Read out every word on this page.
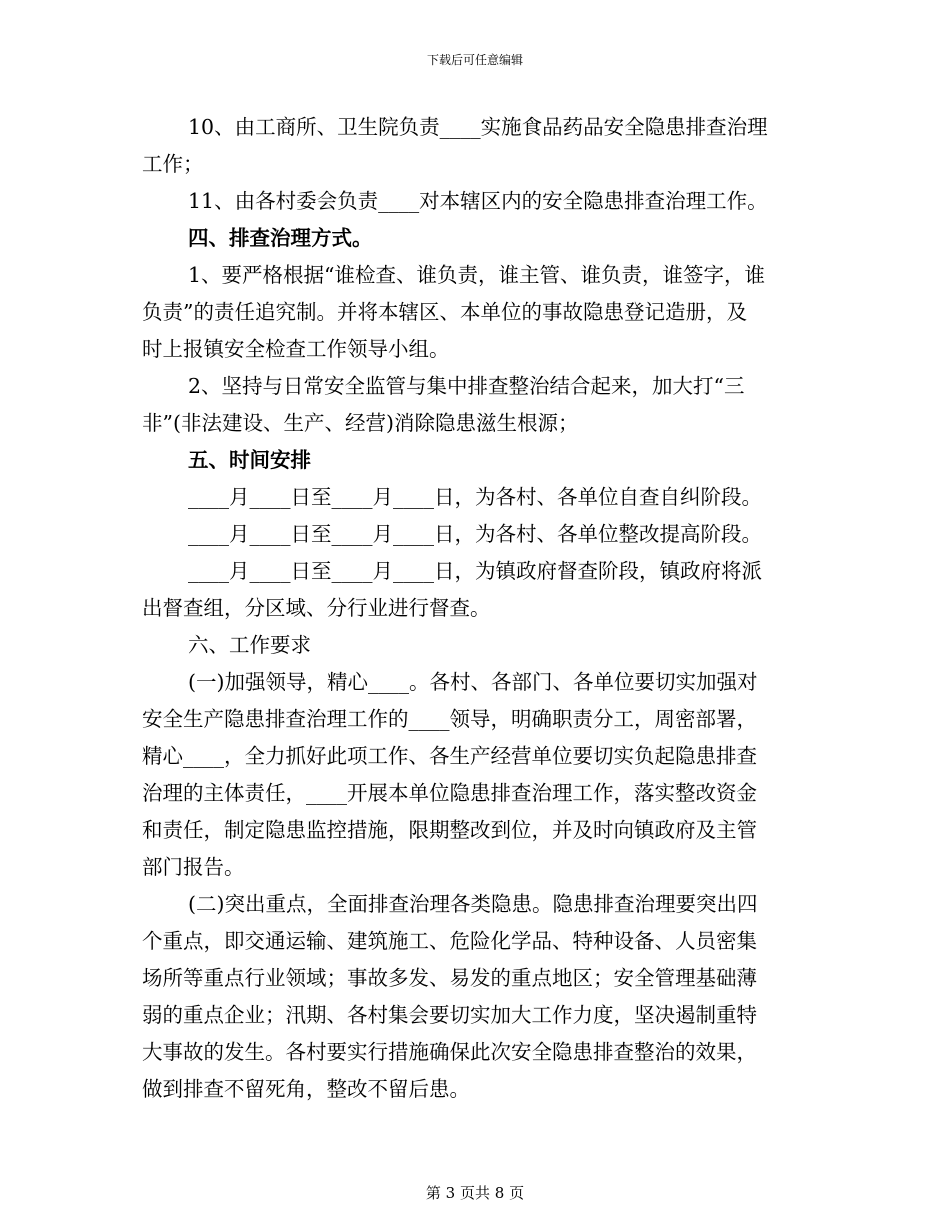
下载后可任意编辑
10、由工商所、卫生院负责____实施食品药品安全隐患排查治理
工作；
11、由各村委会负责____对本辖区内的安全隐患排查治理工作。
四、排查治理方式。
1、要严格根据“谁检查、谁负责，谁主管、谁负责，谁签字，谁
负责”的责任追究制。并将本辖区、本单位的事故隐患登记造册，及
时上报镇安全检查工作领导小组。
2、坚持与日常安全监管与集中排查整治结合起来，加大打“三
非”(非法建设、生产、经营)消除隐患滋生根源；
五、时间安排
____月____日至____月____日，为各村、各单位自查自纠阶段。
____月____日至____月____日，为各村、各单位整改提高阶段。
____月____日至____月____日，为镇政府督查阶段，镇政府将派
出督查组，分区域、分行业进行督查。
六、工作要求
(一)加强领导，精心____。各村、各部门、各单位要切实加强对
安全生产隐患排查治理工作的____领导，明确职责分工，周密部署，
精心____，全力抓好此项工作、各生产经营单位要切实负起隐患排查
治理的主体责任，____开展本单位隐患排查治理工作，落实整改资金
和责任，制定隐患监控措施，限期整改到位，并及时向镇政府及主管
部门报告。
(二)突出重点，全面排查治理各类隐患。隐患排查治理要突出四
个重点，即交通运输、建筑施工、危险化学品、特种设备、人员密集
场所等重点行业领域；事故多发、易发的重点地区；安全管理基础薄
弱的重点企业；汛期、各村集会要切实加大工作力度，坚决遏制重特
大事故的发生。各村要实行措施确保此次安全隐患排查整治的效果，
做到排查不留死角，整改不留后患。
第 3 页共 8 页
